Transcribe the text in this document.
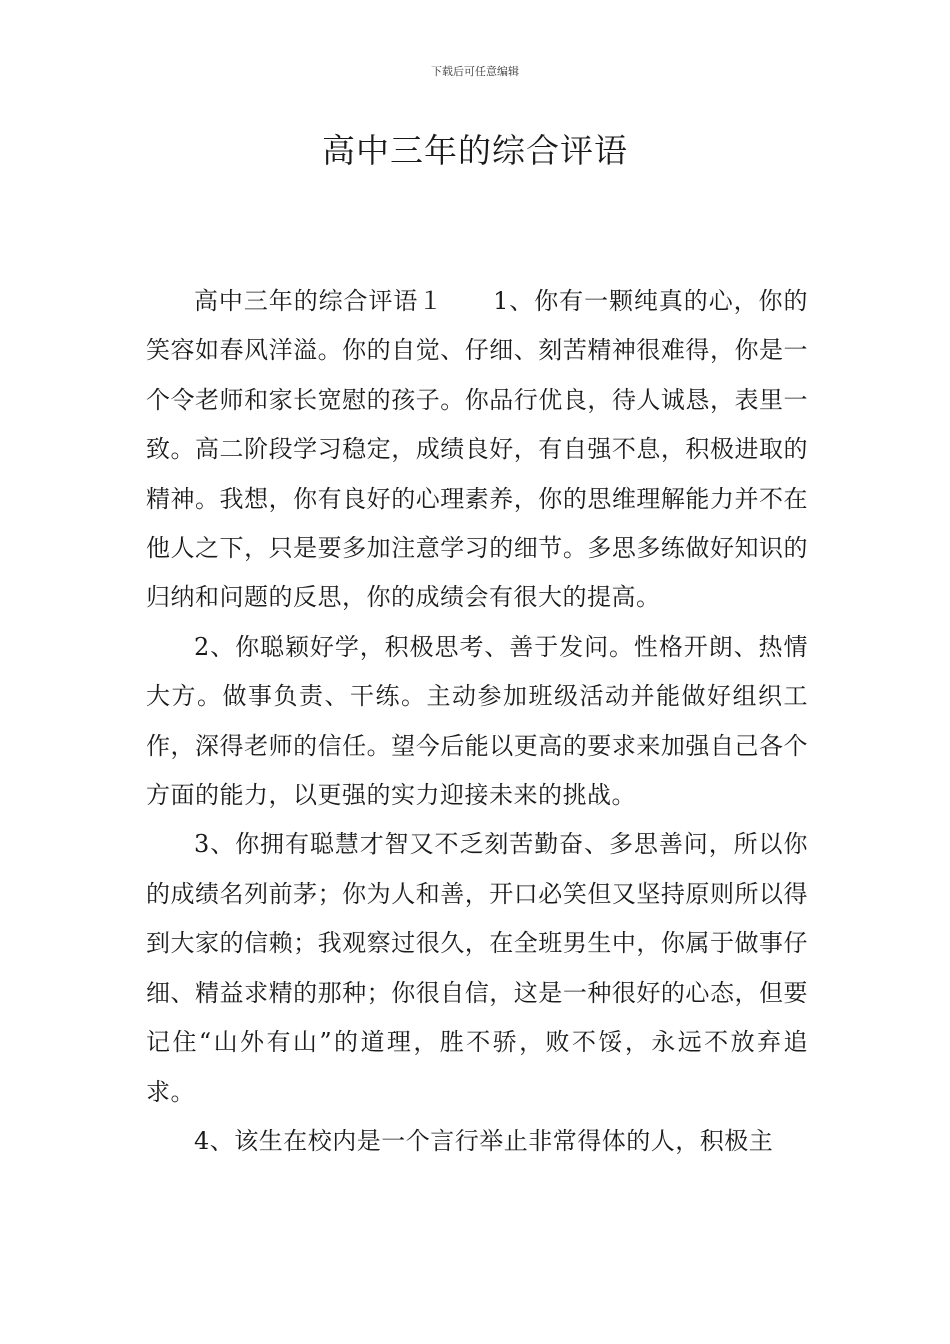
下载后可任意编辑
高中三年的综合评语

高中三年的综合评语１　　1、你有一颗纯真的心，你的笑容如春风洋溢。你的自觉、仔细、刻苦精神很难得，你是一个令老师和家长宽慰的孩子。你品行优良，待人诚恳，表里一致。高二阶段学习稳定，成绩良好，有自强不息，积极进取的精神。我想，你有良好的心理素养，你的思维理解能力并不在他人之下，只是要多加注意学习的细节。多思多练做好知识的归纳和问题的反思，你的成绩会有很大的提高。

2、你聪颖好学，积极思考、善于发问。性格开朗、热情大方。做事负责、干练。主动参加班级活动并能做好组织工作，深得老师的信任。望今后能以更高的要求来加强自己各个方面的能力，以更强的实力迎接未来的挑战。

3、你拥有聪慧才智又不乏刻苦勤奋、多思善问，所以你的成绩名列前茅；你为人和善，开口必笑但又坚持原则所以得到大家的信赖；我观察过很久，在全班男生中，你属于做事仔细、精益求精的那种；你很自信，这是一种很好的心态，但要记住“山外有山”的道理，胜不骄，败不馁，永远不放弃追求。

4、该生在校内是一个言行举止非常得体的人，积极主
